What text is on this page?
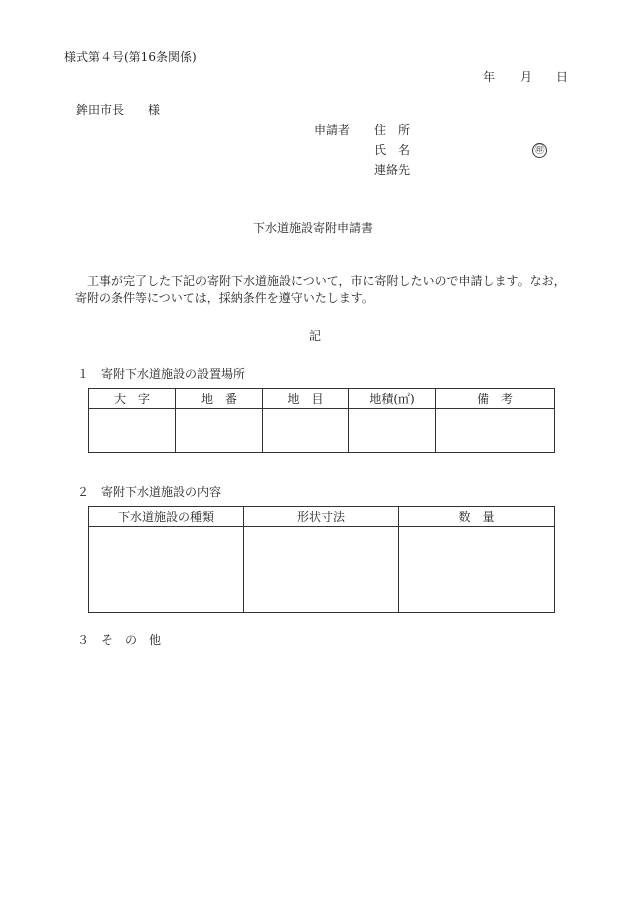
様式第４号(第16条関係)
年 月 日
鉾田市長　　様
申請者 住　所
氏　名	㊞
連絡先
下水道施設寄附申請書
工事が完了した下記の寄附下水道施設について，市に寄附したいので申請します。なお，
寄附の条件等については，採納条件を遵守いたします。
記
１　寄附下水道施設の設置場所
大　字	地　番	地　目	地積(㎡)	備　考

２　寄附下水道施設の内容
下水道施設の種類	形状寸法	数　量

３　そ　の　他
